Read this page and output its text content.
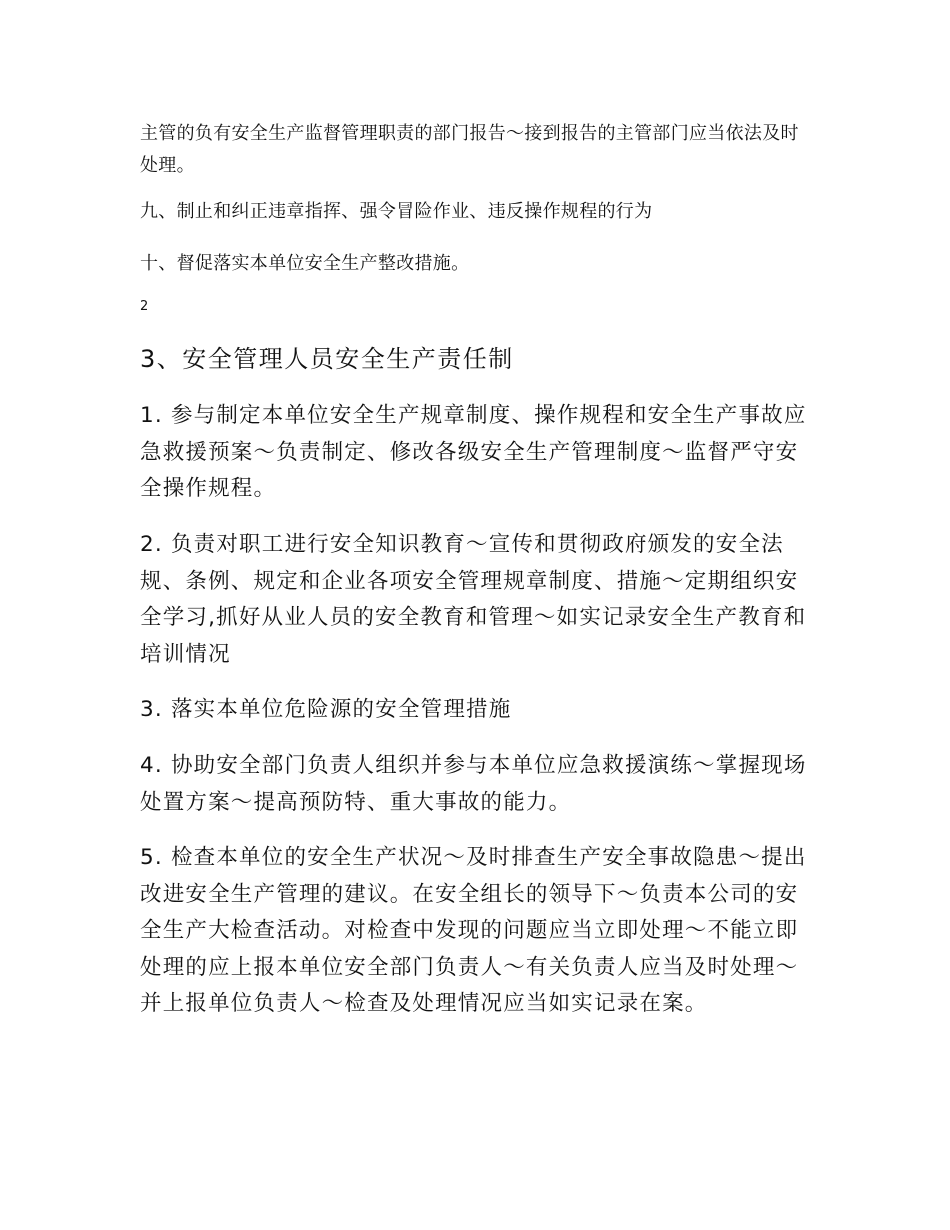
主管的负有安全生产监督管理职责的部门报告～接到报告的主管部门应当依法及时处理。

九、制止和纠正违章指挥、强令冒险作业、违反操作规程的行为

十、督促落实本单位安全生产整改措施。

2

3、安全管理人员安全生产责任制

1. 参与制定本单位安全生产规章制度、操作规程和安全生产事故应急救援预案～负责制定、修改各级安全生产管理制度～监督严守安全操作规程。

2. 负责对职工进行安全知识教育～宣传和贯彻政府颁发的安全法规、条例、规定和企业各项安全管理规章制度、措施～定期组织安全学习,抓好从业人员的安全教育和管理～如实记录安全生产教育和培训情况

3. 落实本单位危险源的安全管理措施

4. 协助安全部门负责人组织并参与本单位应急救援演练～掌握现场处置方案～提高预防特、重大事故的能力。

5. 检查本单位的安全生产状况～及时排查生产安全事故隐患～提出改进安全生产管理的建议。在安全组长的领导下～负责本公司的安全生产大检查活动。对检查中发现的问题应当立即处理～不能立即处理的应上报本单位安全部门负责人～有关负责人应当及时处理～并上报单位负责人～检查及处理情况应当如实记录在案。
